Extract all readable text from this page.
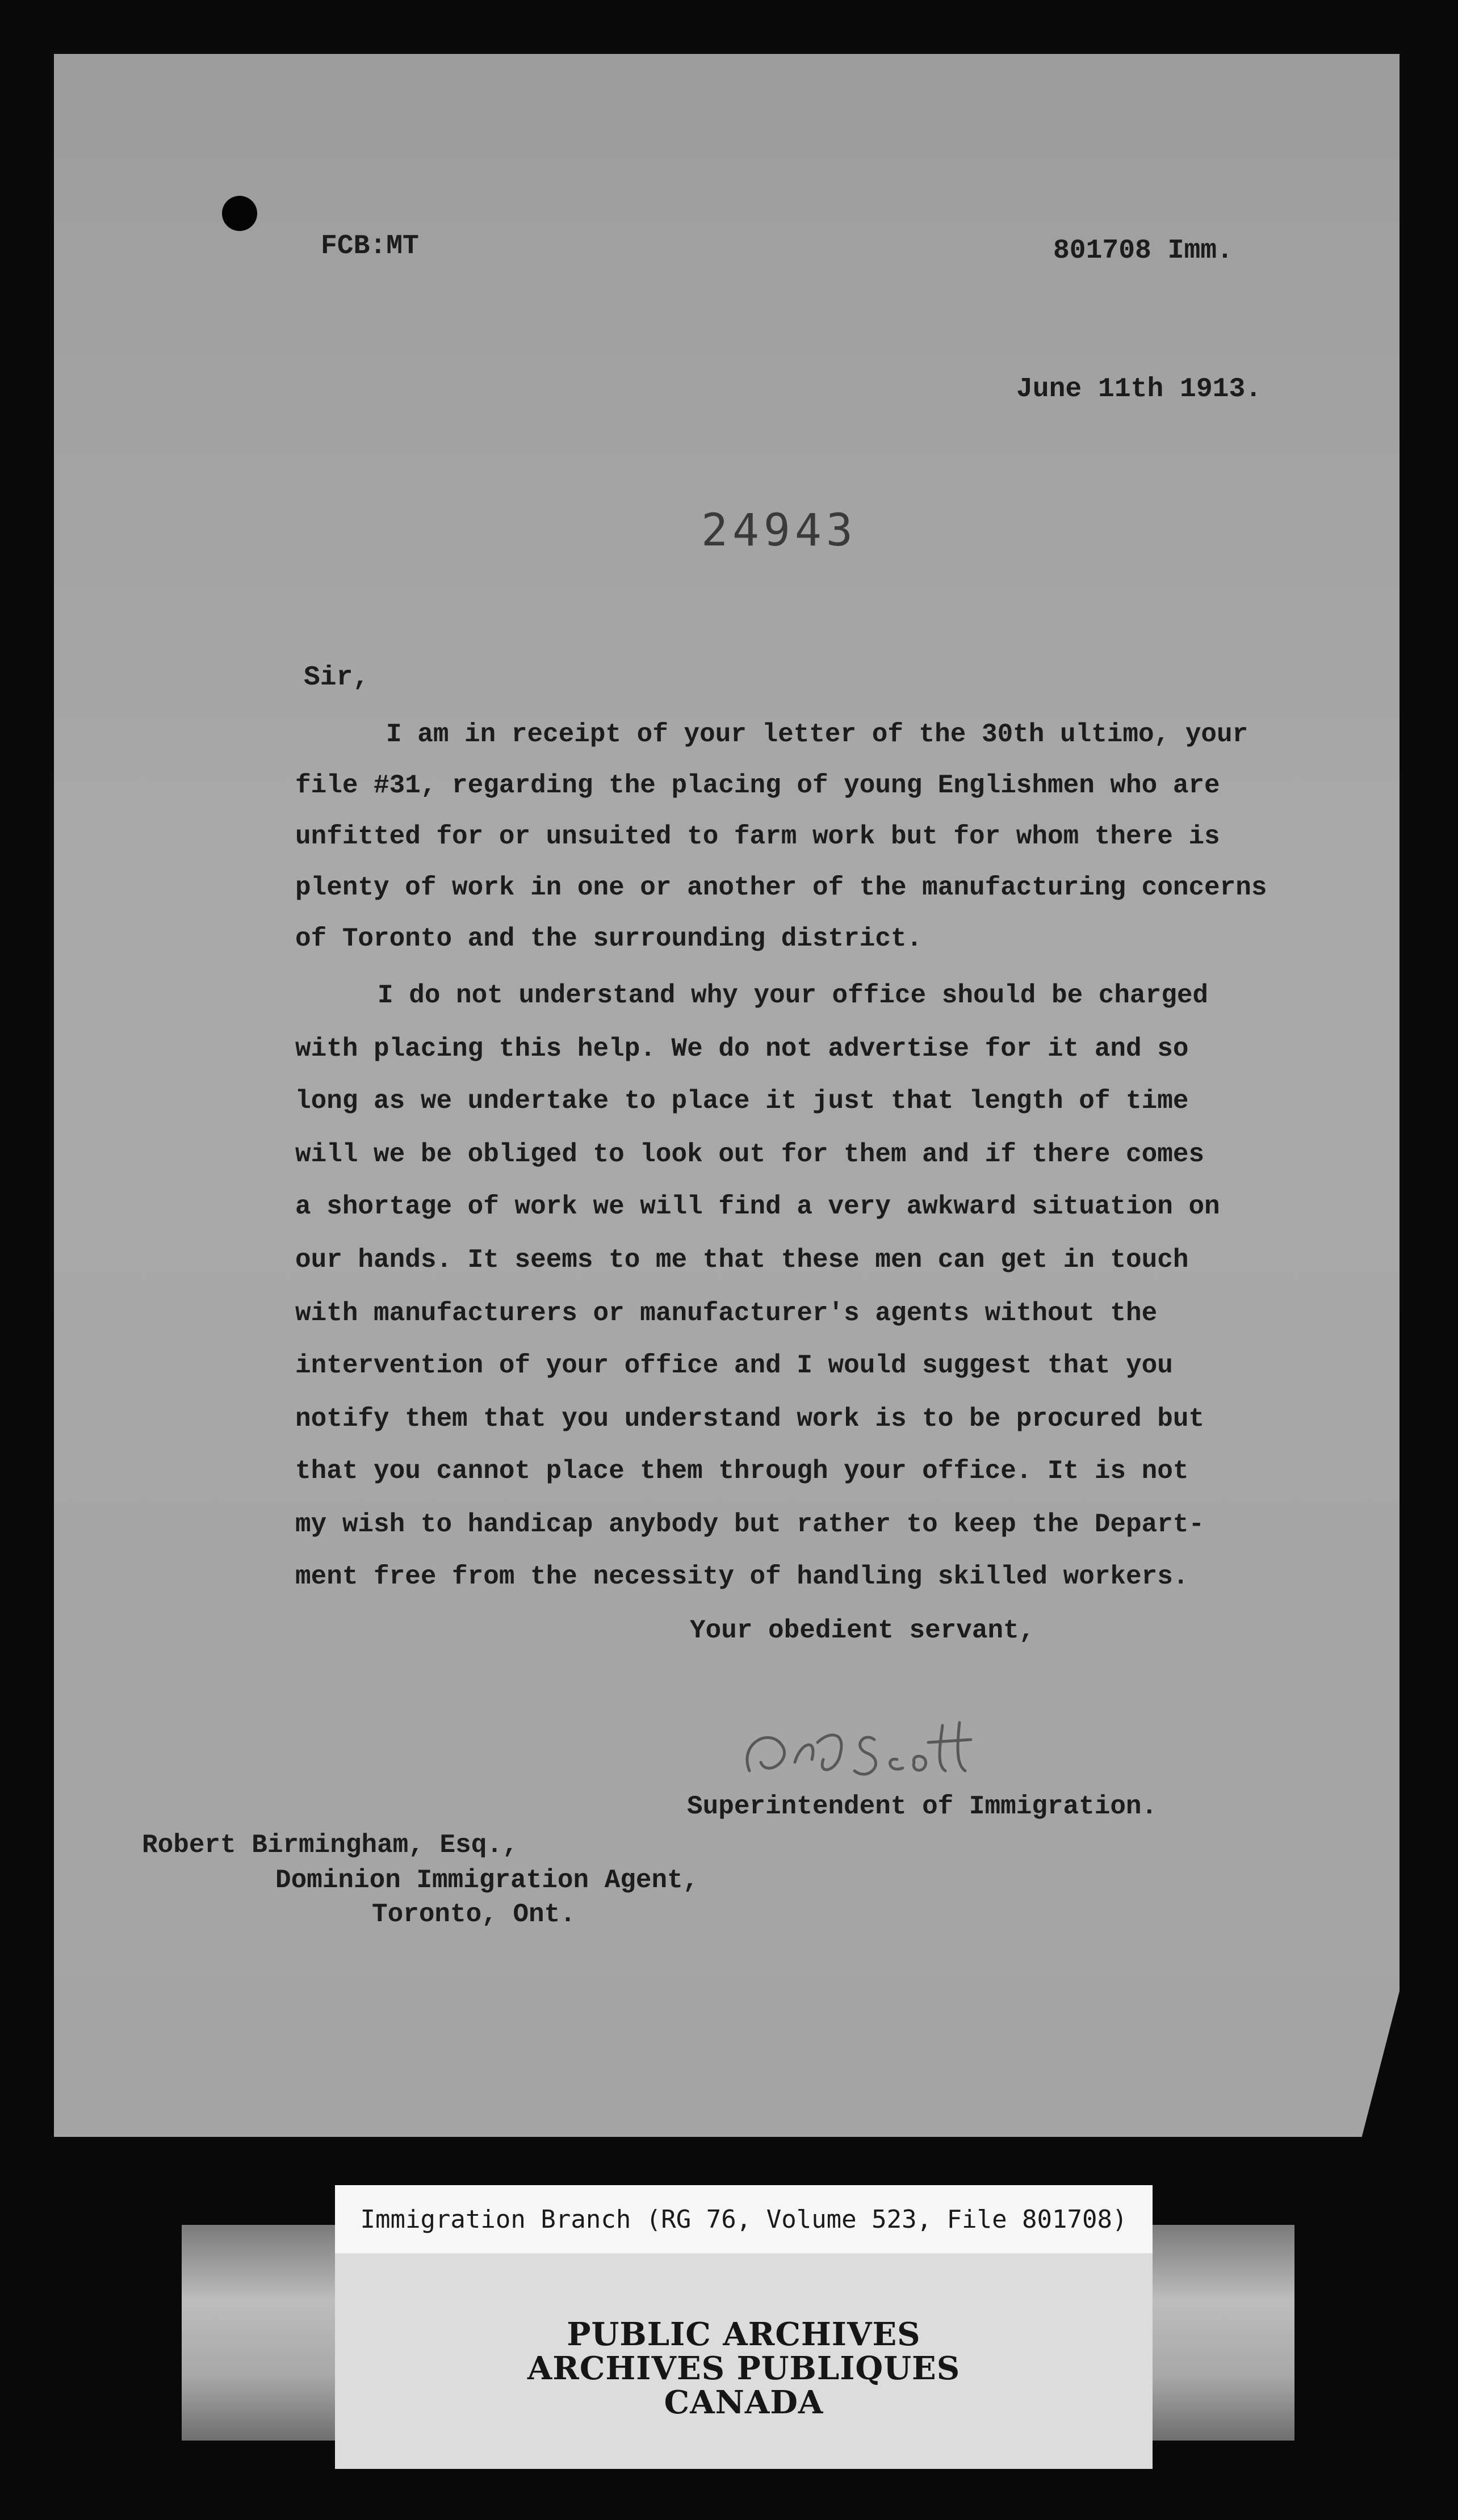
FCB:MT	801708 Imm.
June 11th 1913.
24943
Sir,
I am in receipt of your letter of the 30th ultimo, your
file #31, regarding the placing of young Englishmen who are
unfitted for or unsuited to farm work but for whom there is
plenty of work in one or another of the manufacturing concerns
of Toronto and the surrounding district.
I do not understand why your office should be charged
with placing this help. We do not advertise for it and so
long as we undertake to place it just that length of time
will we be obliged to look out for them and if there comes
a shortage of work we will find a very awkward situation on
our hands. It seems to me that these men can get in touch
with manufacturers or manufacturer's agents without the
intervention of your office and I would suggest that you
notify them that you understand work is to be procured but
that you cannot place them through your office. It is not
my wish to handicap anybody but rather to keep the Depart-
ment free from the necessity of handling skilled workers.
Your obedient servant,
Superintendent of Immigration.
Robert Birmingham, Esq.,
Dominion Immigration Agent,
Toronto, Ont.
Immigration Branch (RG 76, Volume 523, File 801708)
PUBLIC ARCHIVES
ARCHIVES PUBLIQUES
CANADA
